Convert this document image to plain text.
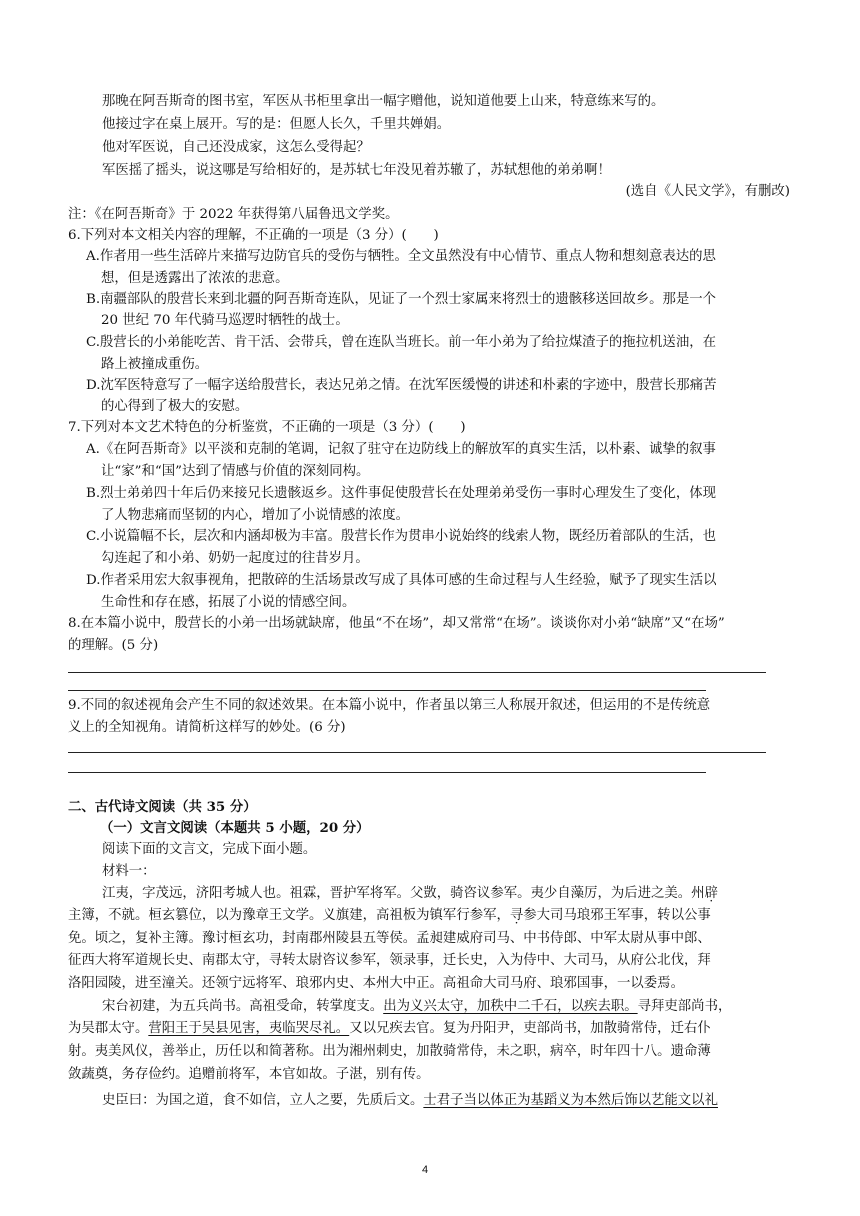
那晚在阿吾斯奇的图书室，军医从书柜里拿出一幅字赠他，说知道他要上山来，特意练来写的。
他接过字在桌上展开。写的是：但愿人长久，千里共婵娟。
他对军医说，自己还没成家，这怎么受得起？
军医摇了摇头，说这哪是写给相好的，是苏轼七年没见着苏辙了，苏轼想他的弟弟啊！
(选自《人民文学》，有删改)
注：《在阿吾斯奇》于 2022 年获得第八届鲁迅文学奖。
6.下列对本文相关内容的理解，不正确的一项是（3 分）(　　)
A.作者用一些生活碎片来描写边防官兵的受伤与牺牲。全文虽然没有中心情节、重点人物和想刻意表达的思
想，但是透露出了浓浓的悲意。
B.南疆部队的殷营长来到北疆的阿吾斯奇连队，见证了一个烈士家属来将烈士的遗骸移送回故乡。那是一个
20 世纪 70 年代骑马巡逻时牺牲的战士。
C.殷营长的小弟能吃苦、肯干活、会带兵，曾在连队当班长。前一年小弟为了给拉煤渣子的拖拉机送油，在
路上被撞成重伤。
D.沈军医特意写了一幅字送给殷营长，表达兄弟之情。在沈军医缓慢的讲述和朴素的字迹中，殷营长那痛苦
的心得到了极大的安慰。
7.下列对本文艺术特色的分析鉴赏，不正确的一项是（3 分）(　　)
A.《在阿吾斯奇》以平淡和克制的笔调，记叙了驻守在边防线上的解放军的真实生活，以朴素、诚挚的叙事
让“家”和“国”达到了情感与价值的深刻同构。
B.烈士弟弟四十年后仍来接兄长遗骸返乡。这件事促使殷营长在处理弟弟受伤一事时心理发生了变化，体现
了人物悲痛而坚韧的内心，增加了小说情感的浓度。
C.小说篇幅不长，层次和内涵却极为丰富。殷营长作为贯串小说始终的线索人物，既经历着部队的生活，也
勾连起了和小弟、奶奶一起度过的往昔岁月。
D.作者采用宏大叙事视角，把散碎的生活场景改写成了具体可感的生命过程与人生经验，赋予了现实生活以
生命性和存在感，拓展了小说的情感空间。
8.在本篇小说中，殷营长的小弟一出场就缺席，他虽“不在场”，却又常常“在场”。谈谈你对小弟“缺席”又“在场”
的理解。(5 分)
9.不同的叙述视角会产生不同的叙述效果。在本篇小说中，作者虽以第三人称展开叙述，但运用的不是传统意
义上的全知视角。请简析这样写的妙处。(6 分)
二、古代诗文阅读（共 35 分）
（一）文言文阅读（本题共 5 小题，20 分）
阅读下面的文言文，完成下面小题。
材料一：
江夷，字茂远，济阳考城人也。祖霖，晋护军将军。父敳，骑咨议参军。夷少自藻厉，为后进之美。州辟
主簿，不就。桓玄篡位，以为豫章王文学。义旗建，高祖板为镇军行参军，寻参大司马琅邪王军事，转以公事
免。顷之，复补主簿。豫讨桓玄功，封南郡州陵县五等侯。孟昶建威府司马、中书侍郎、中军太尉从事中郎、
征西大将军道规长史、南郡太守，寻转太尉咨议参军，领录事，迁长史，入为侍中、大司马，从府公北伐，拜
洛阳园陵，进至潼关。还领宁远将军、琅邪内史、本州大中正。高祖命大司马府、琅邪国事，一以委焉。
宋台初建，为五兵尚书。高祖受命，转掌度支。出为义兴太守，加秩中二千石，以疾去职。寻拜吏部尚书，
为吴郡太守。营阳王于吴县见害，夷临哭尽礼。又以兄疾去官。复为丹阳尹，吏部尚书，加散骑常侍，迁右仆
射。夷美风仪，善举止，历任以和简著称。出为湘州刺史，加散骑常侍，未之职，病卒，时年四十八。遗命薄
敛蔬奠，务存俭约。追赠前将军，本官如故。子湛，别有传。
史臣曰：为国之道，食不如信，立人之要，先质后文。士君子当以体正为基蹈义为本然后饰以艺能文以礼
4
